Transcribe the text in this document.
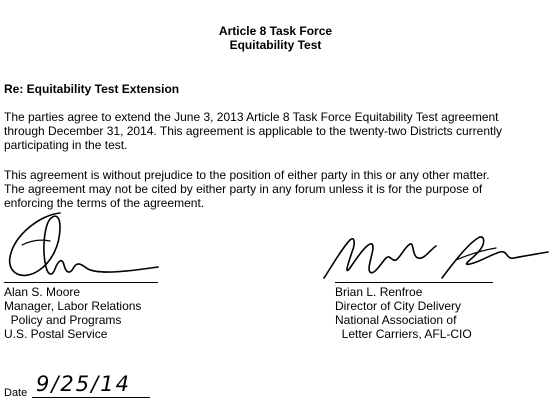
Article 8 Task Force
Equitability Test
Re: Equitability Test Extension
The parties agree to extend the June 3, 2013 Article 8 Task Force Equitability Test agreement
through December 31, 2014. This agreement is applicable to the twenty-two Districts currently
participating in the test.
This agreement is without prejudice to the position of either party in this or any other matter.
The agreement may not be cited by either party in any forum unless it is for the purpose of
enforcing the terms of the agreement.
Alan S. Moore
Manager, Labor Relations
Policy and Programs
U.S. Postal Service
Brian L. Renfroe
Director of City Delivery
National Association of
Letter Carriers, AFL-CIO
Date 9/25/14
